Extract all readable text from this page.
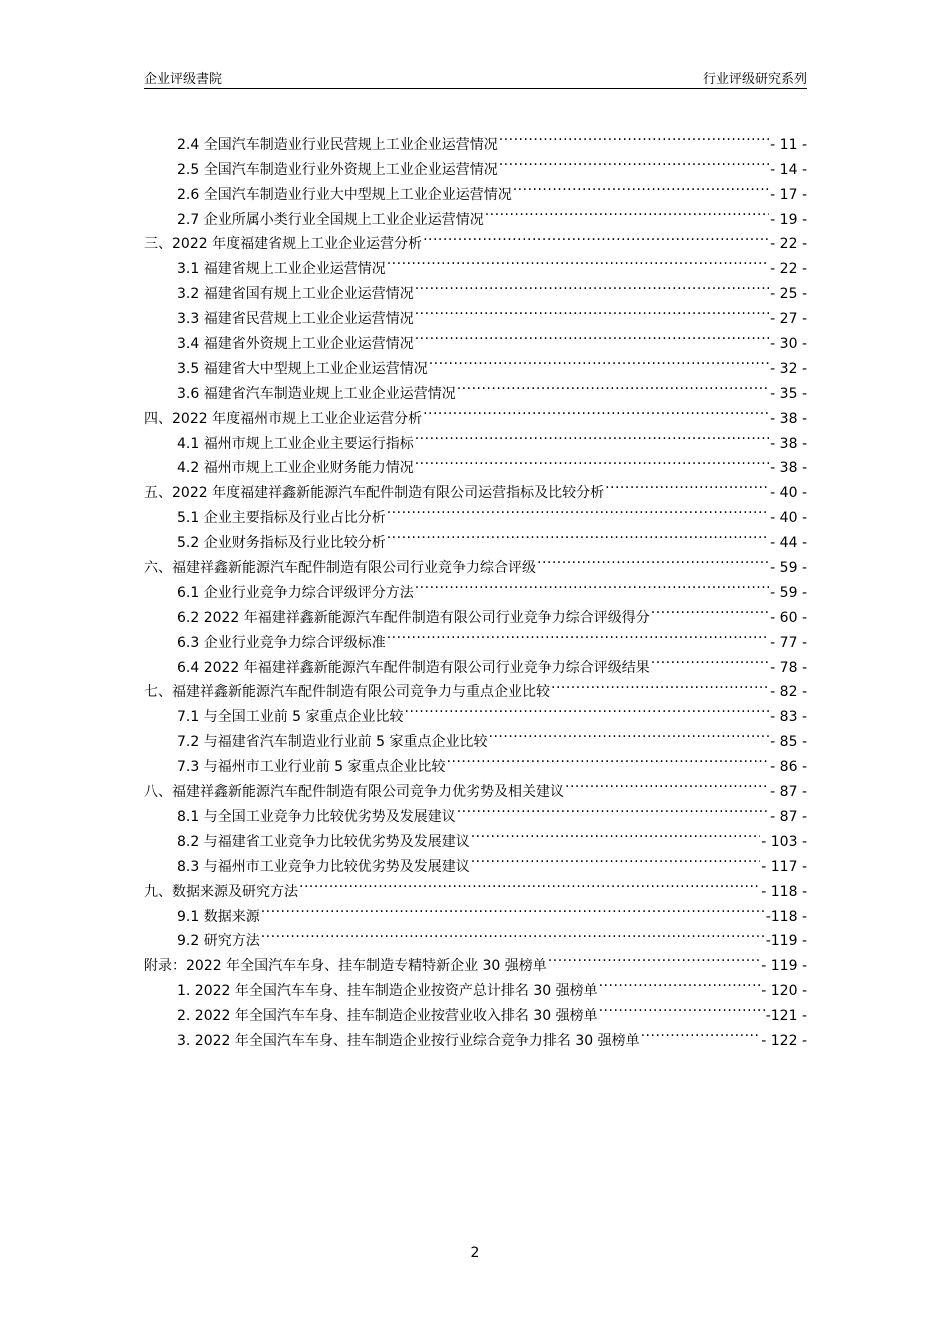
企业评级書院	行业评级研究系列
2.4 全国汽车制造业行业民营规上工业企业运营情况 .....	- 11 -
2.5 全国汽车制造业行业外资规上工业企业运营情况 .....	- 14 -
2.6 全国汽车制造业行业大中型规上工业企业运营情况 .....	- 17 -
2.7 企业所属小类行业全国规上工业企业运营情况 .....	- 19 -
三、2022 年度福建省规上工业企业运营分析 .....	- 22 -
3.1 福建省规上工业企业运营情况 .....	- 22 -
3.2 福建省国有规上工业企业运营情况 .....	- 25 -
3.3 福建省民营规上工业企业运营情况 .....	- 27 -
3.4 福建省外资规上工业企业运营情况 .....	- 30 -
3.5 福建省大中型规上工业企业运营情况 .....	- 32 -
3.6 福建省汽车制造业规上工业企业运营情况 .....	- 35 -
四、2022 年度福州市规上工业企业运营分析 .....	- 38 -
4.1 福州市规上工业企业主要运行指标 .....	- 38 -
4.2 福州市规上工业企业财务能力情况 .....	- 38 -
五、2022 年度福建祥鑫新能源汽车配件制造有限公司运营指标及比较分析 .....	- 40 -
5.1 企业主要指标及行业占比分析 .....	- 40 -
5.2 企业财务指标及行业比较分析 .....	- 44 -
六、福建祥鑫新能源汽车配件制造有限公司行业竞争力综合评级 .....	- 59 -
6.1 企业行业竞争力综合评级评分方法 .....	- 59 -
6.2 2022 年福建祥鑫新能源汽车配件制造有限公司行业竞争力综合评级得分 .....	- 60 -
6.3 企业行业竞争力综合评级标准 .....	- 77 -
6.4 2022 年福建祥鑫新能源汽车配件制造有限公司行业竞争力综合评级结果 .....	- 78 -
七、福建祥鑫新能源汽车配件制造有限公司竞争力与重点企业比较 .....	- 82 -
7.1 与全国工业前 5 家重点企业比较 .....	- 83 -
7.2 与福建省汽车制造业行业前 5 家重点企业比较 .....	- 85 -
7.3 与福州市工业行业前 5 家重点企业比较 .....	- 86 -
八、福建祥鑫新能源汽车配件制造有限公司竞争力优劣势及相关建议 .....	- 87 -
8.1 与全国工业竞争力比较优劣势及发展建议 .....	- 87 -
8.2 与福建省工业竞争力比较优劣势及发展建议 .....	- 103 -
8.3 与福州市工业竞争力比较优劣势及发展建议 .....	- 117 -
九、数据来源及研究方法 .....	- 118 -
9.1 数据来源 .....	-118 -
9.2 研究方法 .....	-119 -
附录：2022 年全国汽车车身、挂车制造专精特新企业 30 强榜单 .....	- 119 -
1. 2022 年全国汽车车身、挂车制造企业按资产总计排名 30 强榜单 .....	- 120 -
2. 2022 年全国汽车车身、挂车制造企业按营业收入排名 30 强榜单 .....	-121 -
3. 2022 年全国汽车车身、挂车制造企业按行业综合竞争力排名 30 强榜单 .....	- 122 -
2
